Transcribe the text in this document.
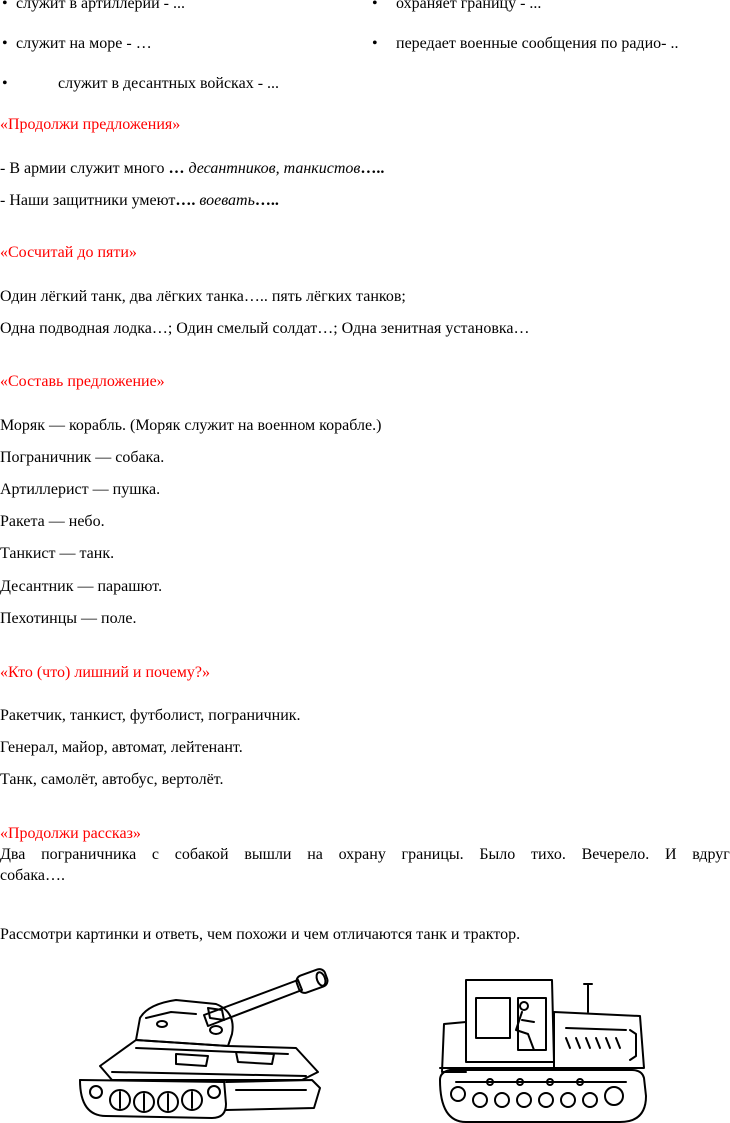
• служит в артиллерии - ...	• охраняет границу - ...
• служит на море - …	• передает военные сообщения по радио- ..
•	служит в десантных войсках - ...
«Продолжи предложения»
- В армии служит много … десантников, танкистов…..
- Наши защитники умеют…. воевать…..
«Сосчитай до пяти»
Один лёгкий танк, два лёгких танка….. пять лёгких танков;
Одна подводная лодка…; Один смелый солдат…; Одна зенитная установка…
«Составь предложение»
Моряк — корабль. (Моряк служит на военном корабле.)
Пограничник — собака.
Артиллерист — пушка.
Ракета — небо.
Танкист — танк.
Десантник — парашют.
Пехотинцы — поле.
«Кто (что) лишний и почему?»
Ракетчик, танкист, футболист, пограничник.
Генерал, майор, автомат, лейтенант.
Танк, самолёт, автобус, вертолёт.
«Продолжи рассказ»
Два пограничника с собакой вышли на охрану границы. Было тихо. Вечерело. И вдруг
собака….
Рассмотри картинки и ответь, чем похожи и чем отличаются танк и трактор.
